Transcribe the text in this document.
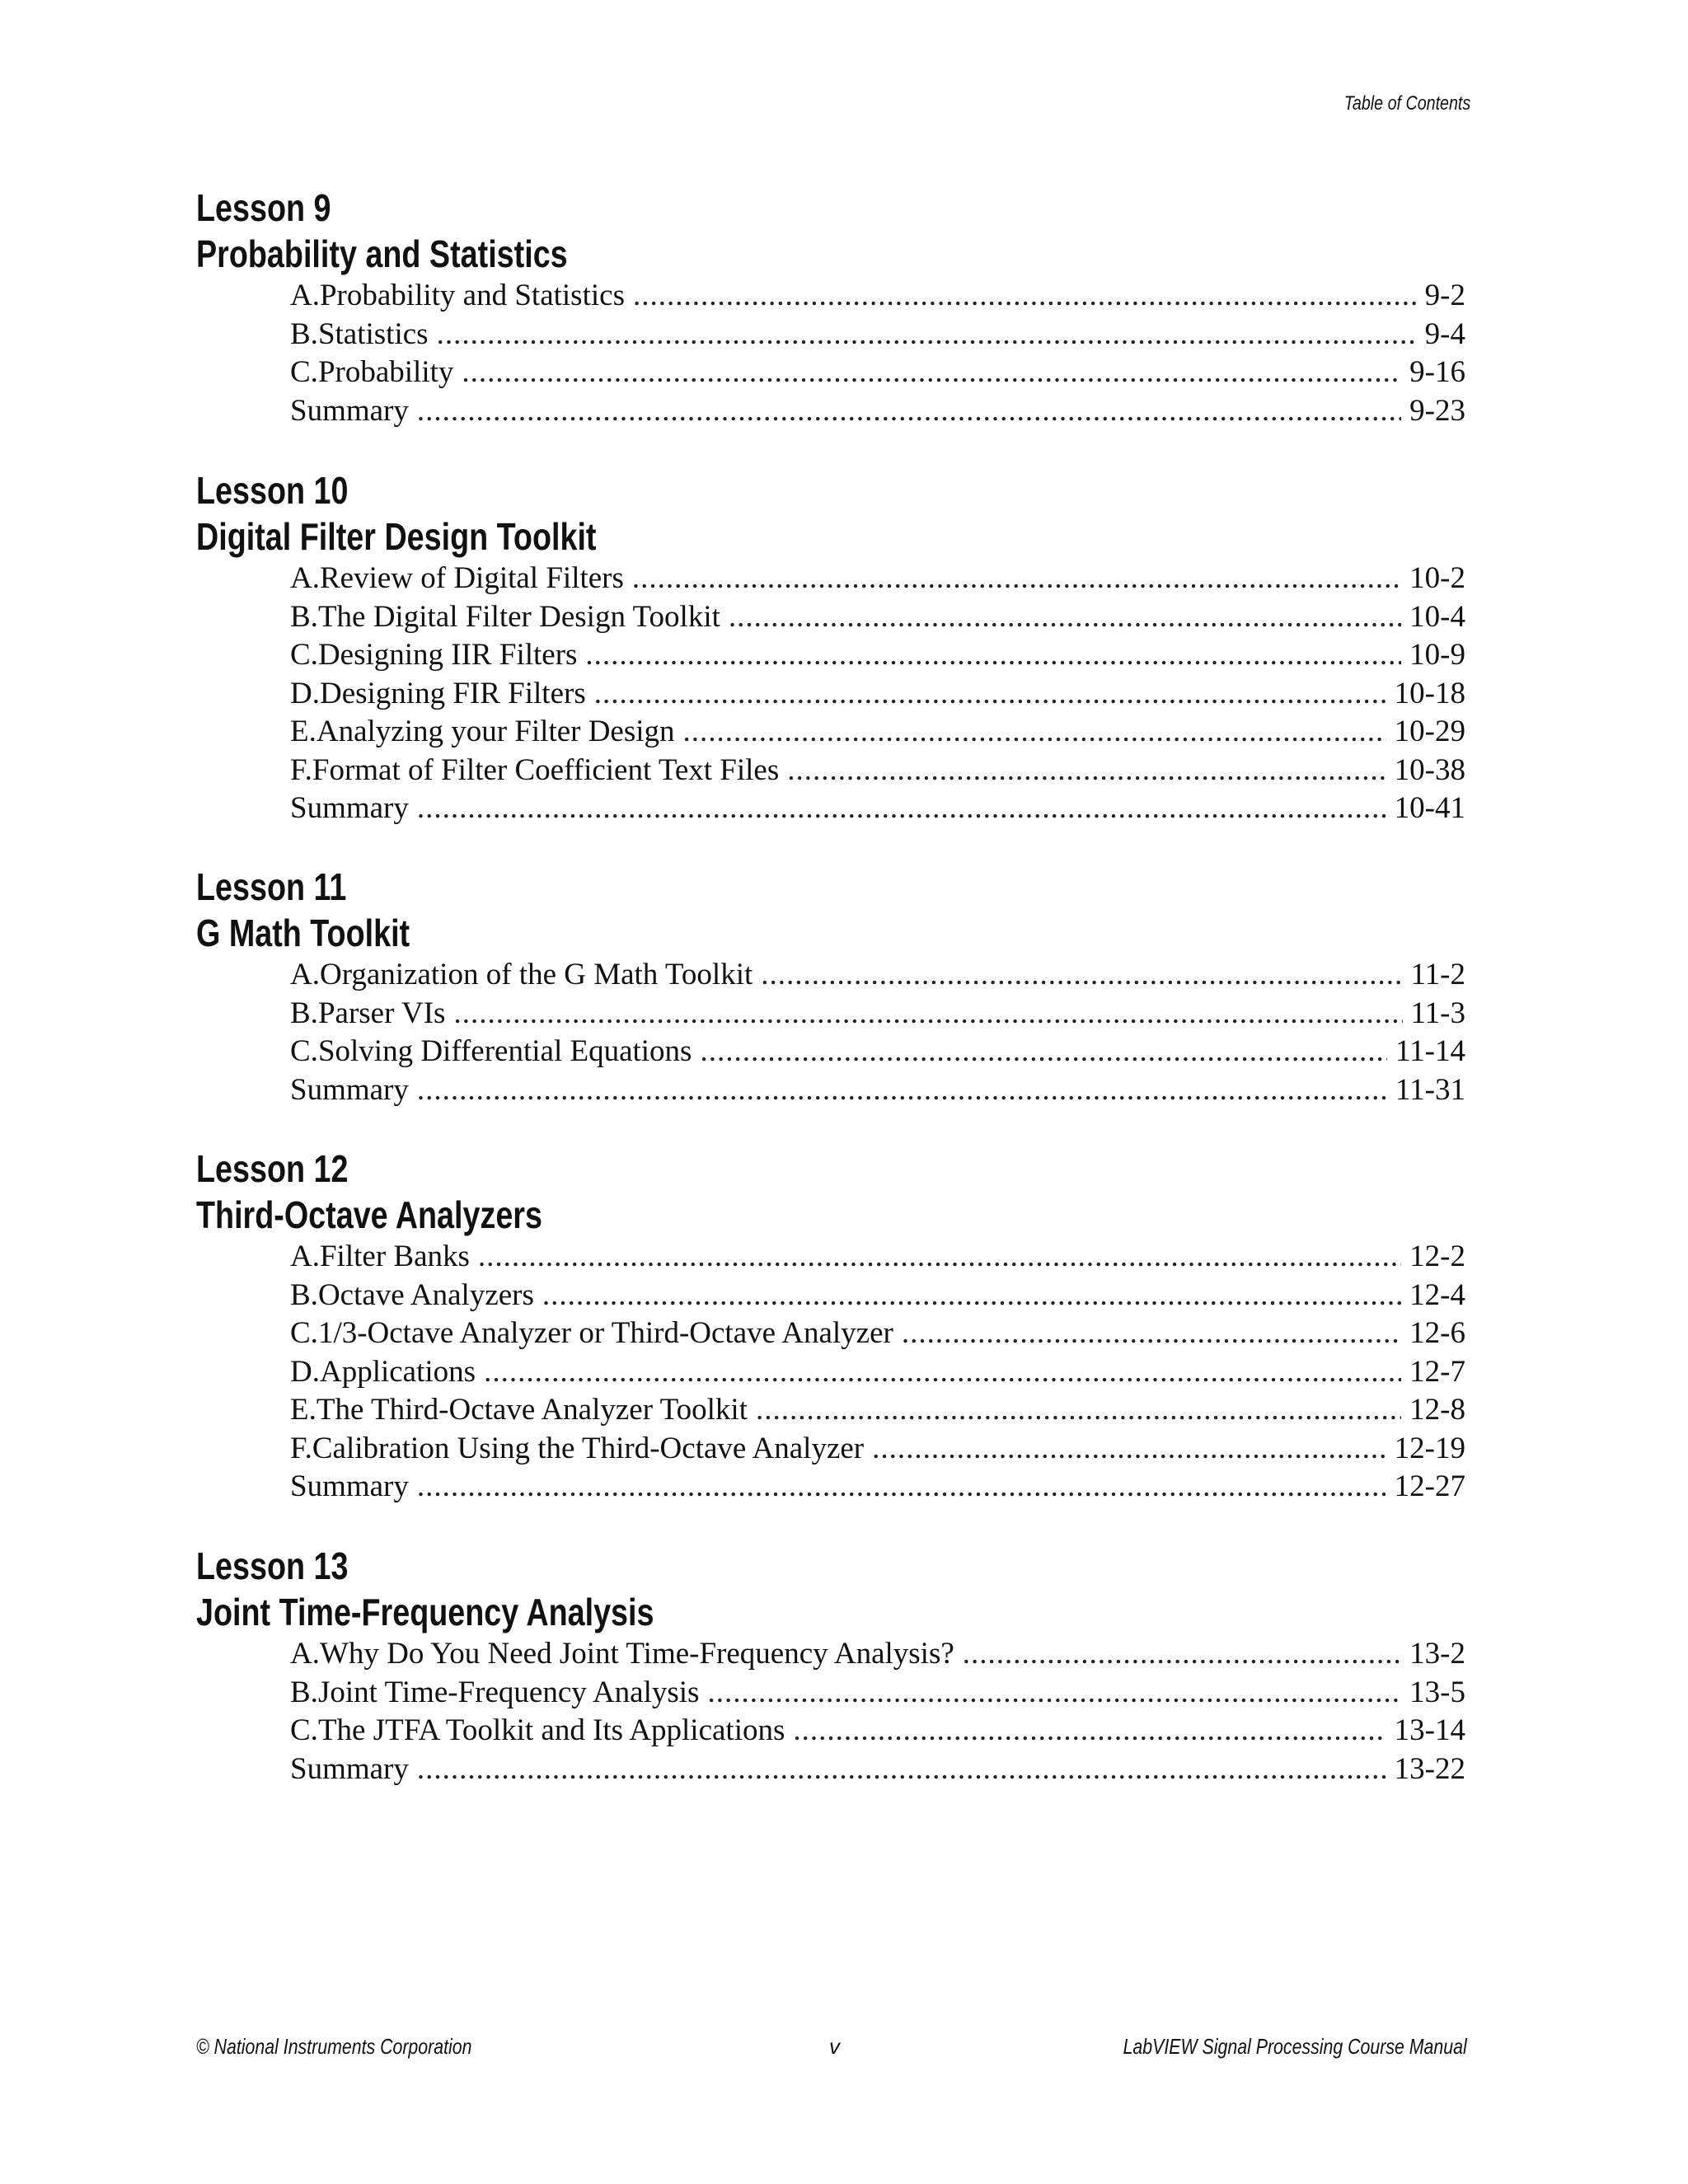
Table of Contents
Lesson 9
Probability and Statistics
A. Probability and Statistics .....	9-2
B. Statistics .....	9-4
C. Probability .....	9-16
Summary .....	9-23
Lesson 10
Digital Filter Design Toolkit
A. Review of Digital Filters .....	10-2
B. The Digital Filter Design Toolkit .....	10-4
C. Designing IIR Filters .....	10-9
D. Designing FIR Filters .....	10-18
E. Analyzing your Filter Design .....	10-29
F. Format of Filter Coefficient Text Files .....	10-38
Summary .....	10-41
Lesson 11
G Math Toolkit
A. Organization of the G Math Toolkit .....	11-2
B. Parser VIs .....	11-3
C. Solving Differential Equations .....	11-14
Summary .....	11-31
Lesson 12
Third-Octave Analyzers
A. Filter Banks .....	12-2
B. Octave Analyzers .....	12-4
C. 1/3-Octave Analyzer or Third-Octave Analyzer .....	12-6
D. Applications .....	12-7
E. The Third-Octave Analyzer Toolkit .....	12-8
F. Calibration Using the Third-Octave Analyzer .....	12-19
Summary .....	12-27
Lesson 13
Joint Time-Frequency Analysis
A. Why Do You Need Joint Time-Frequency Analysis? .....	13-2
B. Joint Time-Frequency Analysis .....	13-5
C. The JTFA Toolkit and Its Applications .....	13-14
Summary .....	13-22
© National Instruments Corporation	v	LabVIEW Signal Processing Course Manual
